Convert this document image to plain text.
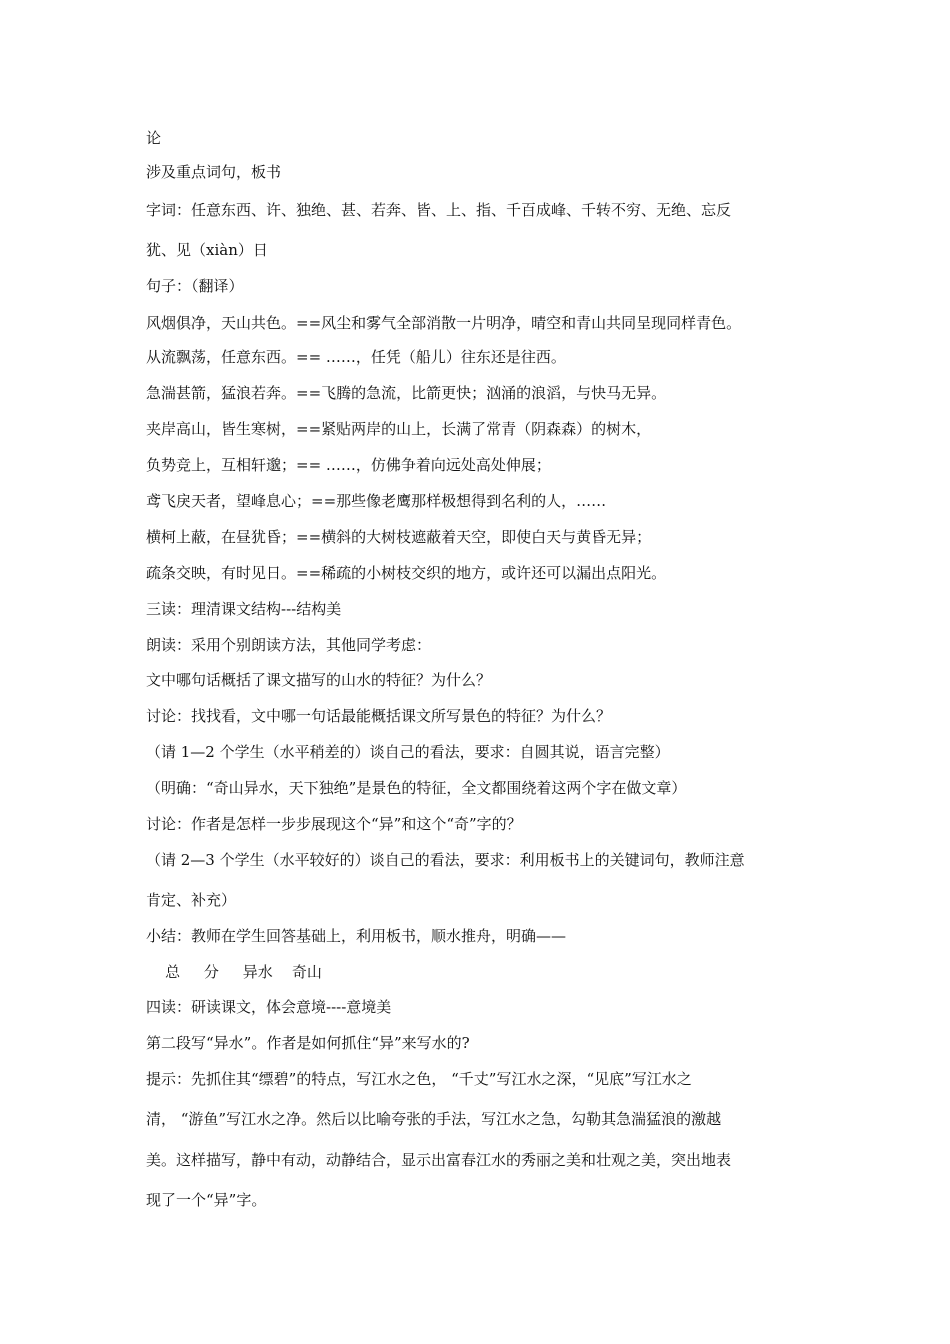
论
涉及重点词句，板书
字词：任意东西、许、独绝、甚、若奔、皆、上、指、千百成峰、千转不穷、无绝、忘反
犹、见（xiàn）日
句子：（翻译）
风烟俱净，天山共色。==风尘和雾气全部消散一片明净，晴空和青山共同呈现同样青色。
从流飘荡，任意东西。== ……，任凭（船儿）往东还是往西。
急湍甚箭，猛浪若奔。==飞腾的急流，比箭更快；汹涌的浪滔，与快马无异。
夹岸高山，皆生寒树，==紧贴两岸的山上，长满了常青（阴森森）的树木，
负势竞上，互相轩邈；== ……，仿佛争着向远处高处伸展；
鸢飞戾天者，望峰息心；==那些像老鹰那样极想得到名利的人，……
横柯上蔽，在昼犹昏；==横斜的大树枝遮蔽着天空，即使白天与黄昏无异；
疏条交映，有时见日。==稀疏的小树枝交织的地方，或许还可以漏出点阳光。
三读：理清课文结构---结构美
朗读：采用个别朗读方法，其他同学考虑：
文中哪句话概括了课文描写的山水的特征？为什么？
讨论：找找看，文中哪一句话最能概括课文所写景色的特征？为什么？
（请 1—2 个学生（水平稍差的）谈自己的看法，要求：自圆其说，语言完整）
（明确：“奇山异水，天下独绝”是景色的特征，全文都围绕着这两个字在做文章）
讨论：作者是怎样一步步展现这个“异”和这个“奇”字的？
（请 2—3 个学生（水平较好的）谈自己的看法，要求：利用板书上的关键词句，教师注意
肯定、补充）
小结：教师在学生回答基础上，利用板书，顺水推舟，明确——
总     分     异水    奇山
四读：研读课文，体会意境----意境美
第二段写“异水”。作者是如何抓住“异”来写水的?
提示：先抓住其“缥碧”的特点，写江水之色， “千丈”写江水之深，“见底”写江水之
清， “游鱼”写江水之净。然后以比喻夸张的手法，写江水之急，勾勒其急湍猛浪的激越
美。这样描写，静中有动，动静结合，显示出富春江水的秀丽之美和壮观之美，突出地表
现了一个“异”字。
